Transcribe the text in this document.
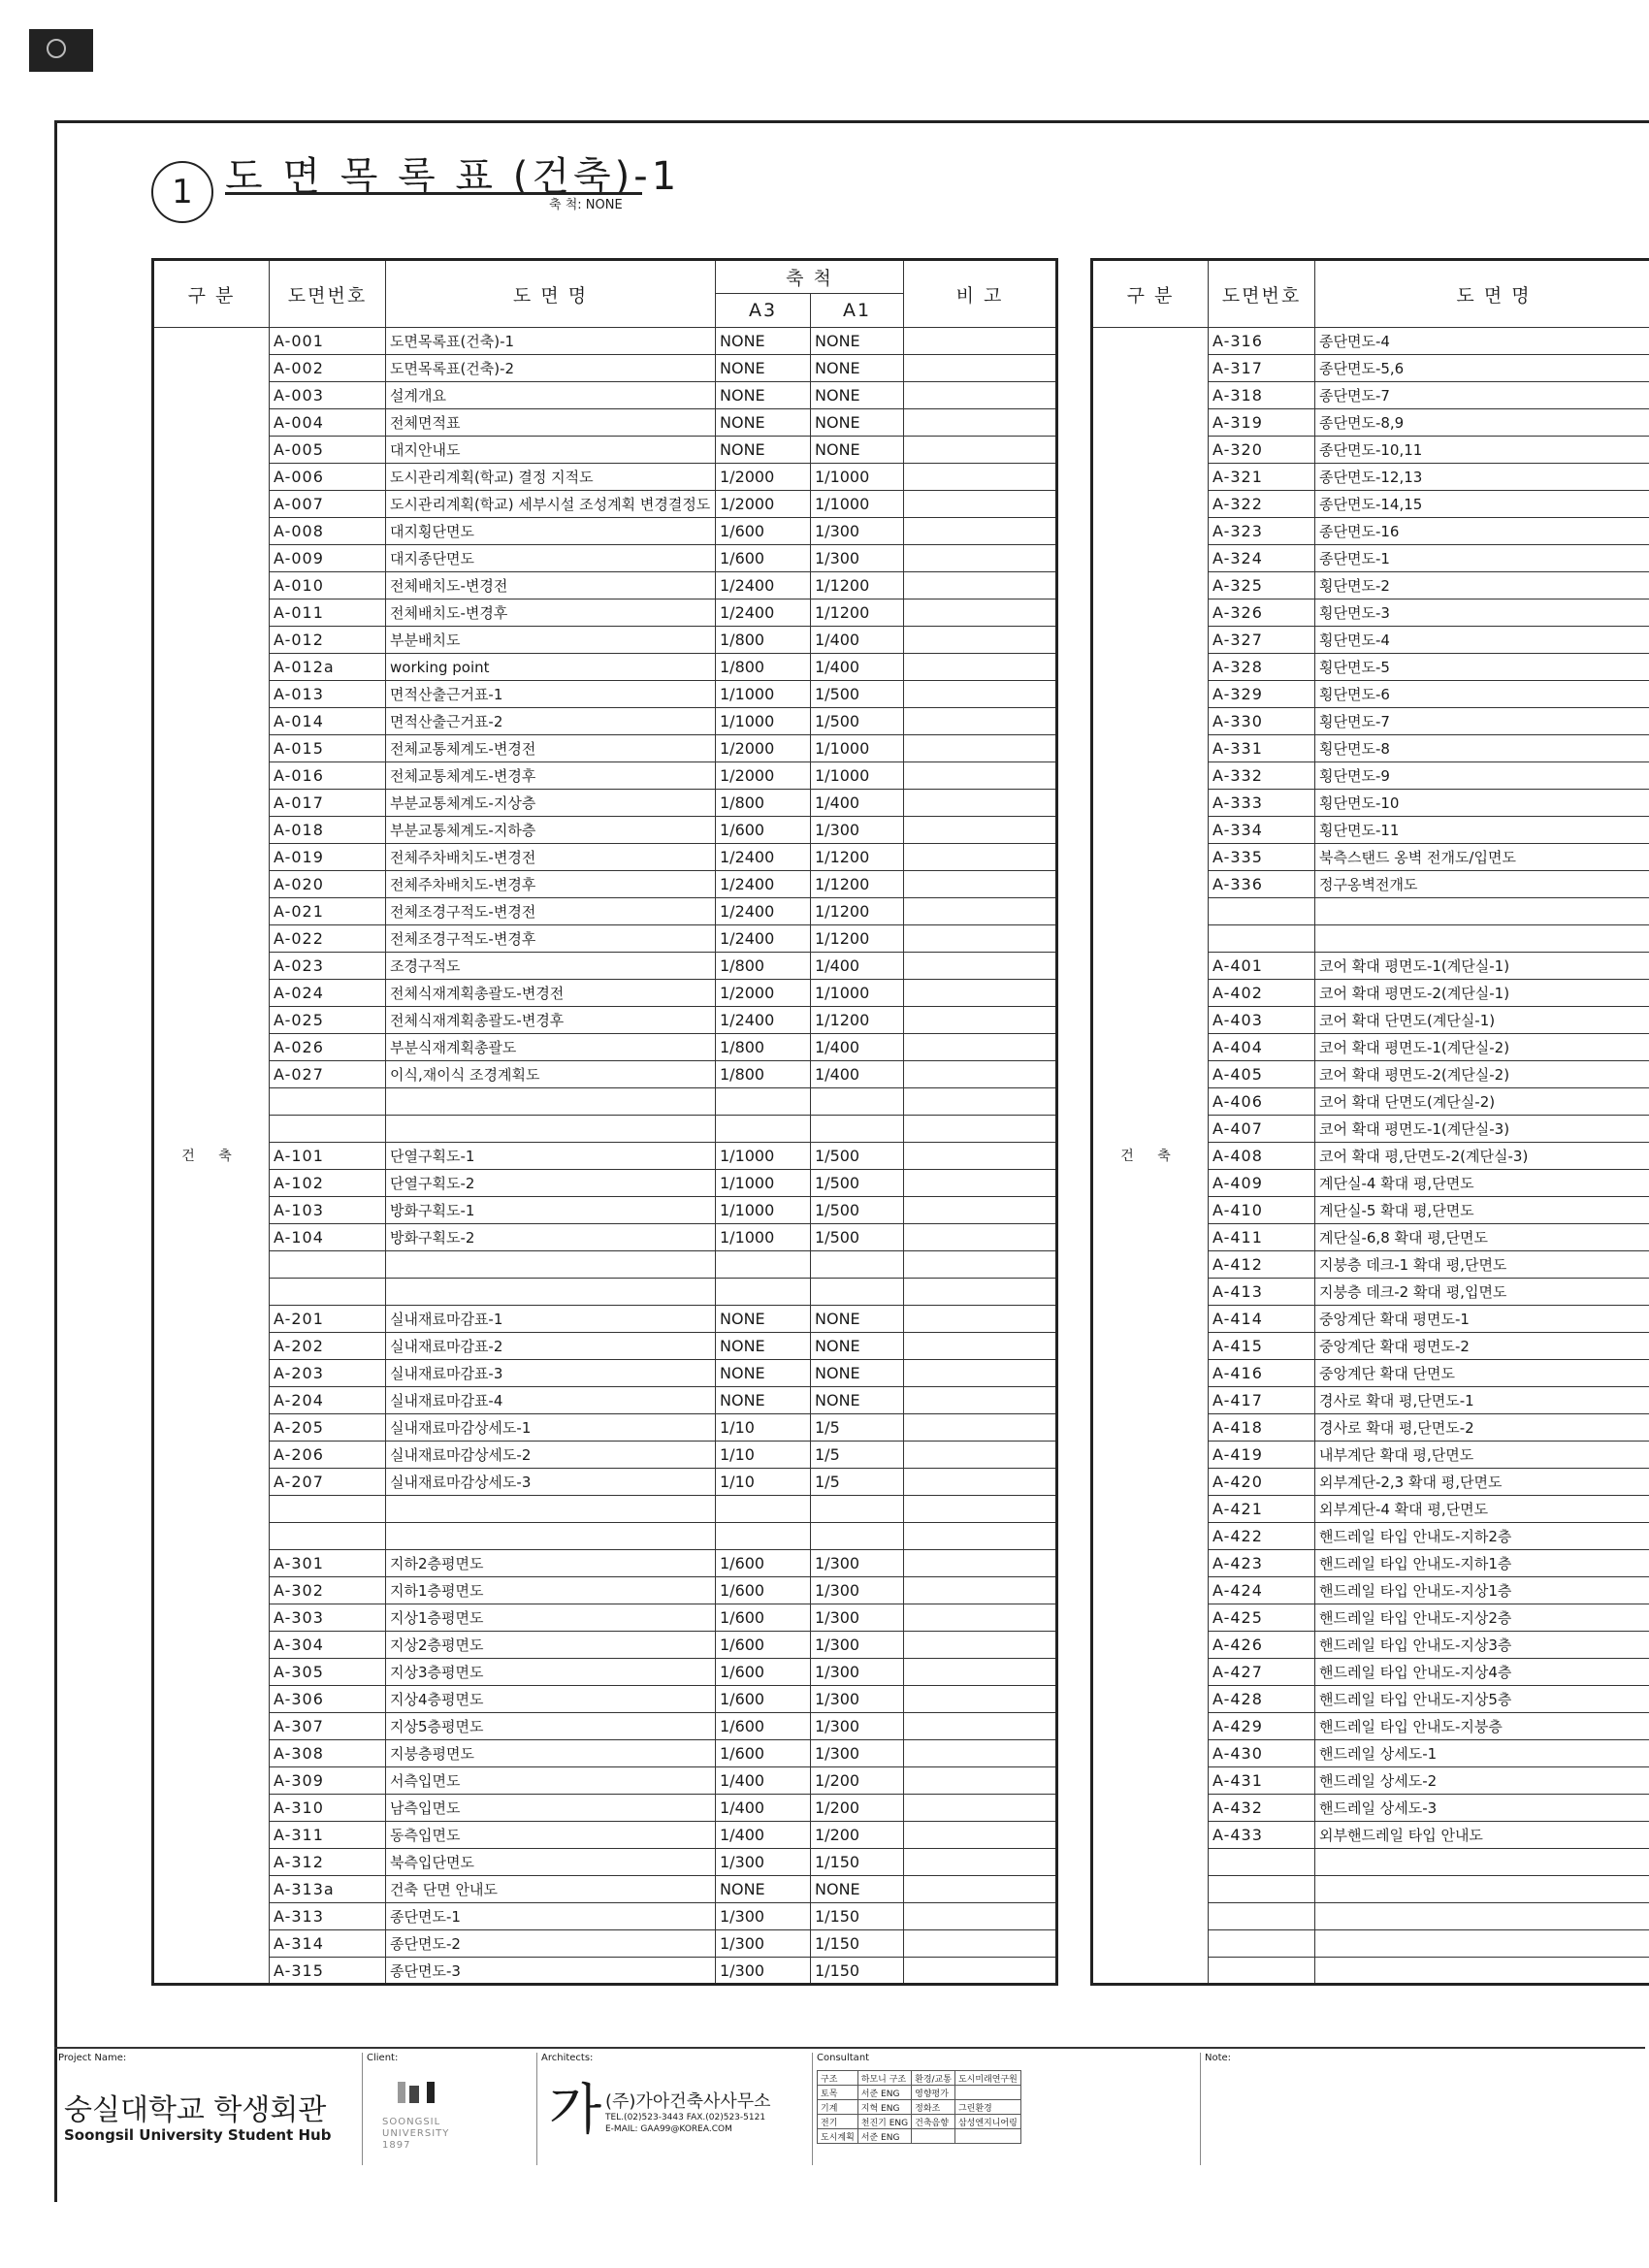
1 도 면 목 록 표 (건축)-1
축 척: NONE
구 분	도면번호	도 면 명	축 척		비 고
			A3	A1	
건 축	A-001	도면목록표(건축)-1	NONE	NONE	
	A-002	도면목록표(건축)-2	NONE	NONE	
	A-003	설계개요	NONE	NONE	
	A-004	전체면적표	NONE	NONE	
	A-005	대지안내도	NONE	NONE	
	A-006	도시관리계획(학교) 결정 지적도	1/2000	1/1000	
	A-007	도시관리계획(학교) 세부시설 조성계획 변경결정도	1/2000	1/1000	
	A-008	대지횡단면도	1/600	1/300	
	A-009	대지종단면도	1/600	1/300	
	A-010	전체배치도-변경전	1/2400	1/1200	
	A-011	전체배치도-변경후	1/2400	1/1200	
	A-012	부분배치도	1/800	1/400	
	A-012a	working point	1/800	1/400	
	A-013	면적산출근거표-1	1/1000	1/500	
	A-014	면적산출근거표-2	1/1000	1/500	
	A-015	전체교통체계도-변경전	1/2000	1/1000	
	A-016	전체교통체계도-변경후	1/2000	1/1000	
	A-017	부분교통체계도-지상층	1/800	1/400	
	A-018	부분교통체계도-지하층	1/600	1/300	
	A-019	전체주차배치도-변경전	1/2400	1/1200	
	A-020	전체주차배치도-변경후	1/2400	1/1200	
	A-021	전체조경구적도-변경전	1/2400	1/1200	
	A-022	전체조경구적도-변경후	1/2400	1/1200	
	A-023	조경구적도	1/800	1/400	
	A-024	전체식재계획총괄도-변경전	1/2000	1/1000	
	A-025	전체식재계획총괄도-변경후	1/2400	1/1200	
	A-026	부분식재계획총괄도	1/800	1/400	
	A-027	이식,재이식 조경계획도	1/800	1/400	

	A-101	단열구획도-1	1/1000	1/500	
	A-102	단열구획도-2	1/1000	1/500	
	A-103	방화구획도-1	1/1000	1/500	
	A-104	방화구획도-2	1/1000	1/500	

	A-201	실내재료마감표-1	NONE	NONE	
	A-202	실내재료마감표-2	NONE	NONE	
	A-203	실내재료마감표-3	NONE	NONE	
	A-204	실내재료마감표-4	NONE	NONE	
	A-205	실내재료마감상세도-1	1/10	1/5	
	A-206	실내재료마감상세도-2	1/10	1/5	
	A-207	실내재료마감상세도-3	1/10	1/5	

	A-301	지하2층평면도	1/600	1/300	
	A-302	지하1층평면도	1/600	1/300	
	A-303	지상1층평면도	1/600	1/300	
	A-304	지상2층평면도	1/600	1/300	
	A-305	지상3층평면도	1/600	1/300	
	A-306	지상4층평면도	1/600	1/300	
	A-307	지상5층평면도	1/600	1/300	
	A-308	지붕층평면도	1/600	1/300	
	A-309	서측입면도	1/400	1/200	
	A-310	남측입면도	1/400	1/200	
	A-311	동측입면도	1/400	1/200	
	A-312	북측입단면도	1/300	1/150	
	A-313a	건축 단면 안내도	NONE	NONE	
	A-313	종단면도-1	1/300	1/150	
	A-314	종단면도-2	1/300	1/150	
	A-315	종단면도-3	1/300	1/150	
구 분	도면번호	도 면 명
건 축	A-316	종단면도-4
	A-317	종단면도-5,6
	A-318	종단면도-7
	A-319	종단면도-8,9
	A-320	종단면도-10,11
	A-321	종단면도-12,13
	A-322	종단면도-14,15
	A-323	종단면도-16
	A-324	종단면도-1
	A-325	횡단면도-2
	A-326	횡단면도-3
	A-327	횡단면도-4
	A-328	횡단면도-5
	A-329	횡단면도-6
	A-330	횡단면도-7
	A-331	횡단면도-8
	A-332	횡단면도-9
	A-333	횡단면도-10
	A-334	횡단면도-11
	A-335	북측스탠드 옹벽 전개도/입면도
	A-336	정구옹벽전개도

	A-401	코어 확대 평면도-1(계단실-1)
	A-402	코어 확대 평면도-2(계단실-1)
	A-403	코어 확대 단면도(계단실-1)
	A-404	코어 확대 평면도-1(계단실-2)
	A-405	코어 확대 평면도-2(계단실-2)
	A-406	코어 확대 단면도(계단실-2)
	A-407	코어 확대 평면도-1(계단실-3)
	A-408	코어 확대 평,단면도-2(계단실-3)
	A-409	계단실-4 확대 평,단면도
	A-410	계단실-5 확대 평,단면도
	A-411	계단실-6,8 확대 평,단면도
	A-412	지붕층 데크-1 확대 평,단면도
	A-413	지붕층 데크-2 확대 평,입면도
	A-414	중앙계단 확대 평면도-1
	A-415	중앙계단 확대 평면도-2
	A-416	중앙계단 확대 단면도
	A-417	경사로 확대 평,단면도-1
	A-418	경사로 확대 평,단면도-2
	A-419	내부계단 확대 평,단면도
	A-420	외부계단-2,3 확대 평,단면도
	A-421	외부계단-4 확대 평,단면도
	A-422	핸드레일 타입 안내도-지하2층
	A-423	핸드레일 타입 안내도-지하1층
	A-424	핸드레일 타입 안내도-지상1층
	A-425	핸드레일 타입 안내도-지상2층
	A-426	핸드레일 타입 안내도-지상3층
	A-427	핸드레일 타입 안내도-지상4층
	A-428	핸드레일 타입 안내도-지상5층
	A-429	핸드레일 타입 안내도-지붕층
	A-430	핸드레일 상세도-1
	A-431	핸드레일 상세도-2
	A-432	핸드레일 상세도-3
	A-433	외부핸드레일 타입 안내도

Project Name:
숭실대학교 학생회관
Soongsil University Student Hub
Client:
SOONGSIL UNIVERSITY 1897
Architects:
가 (주)가아건축사사무소
TEL.(02)523-3443 FAX.(02)523-5121
E-MAIL: GAA99@KOREA.COM
Consultant
구조	하모니 구조	환경/교통	도시미래연구원
토목	서준 ENG	영향평가	
기계	지혁 ENG	정화조	그린환경
전기	천진기 ENG	건축음향	삼성엔지니어링
도시계획	서준 ENG		
Note:
